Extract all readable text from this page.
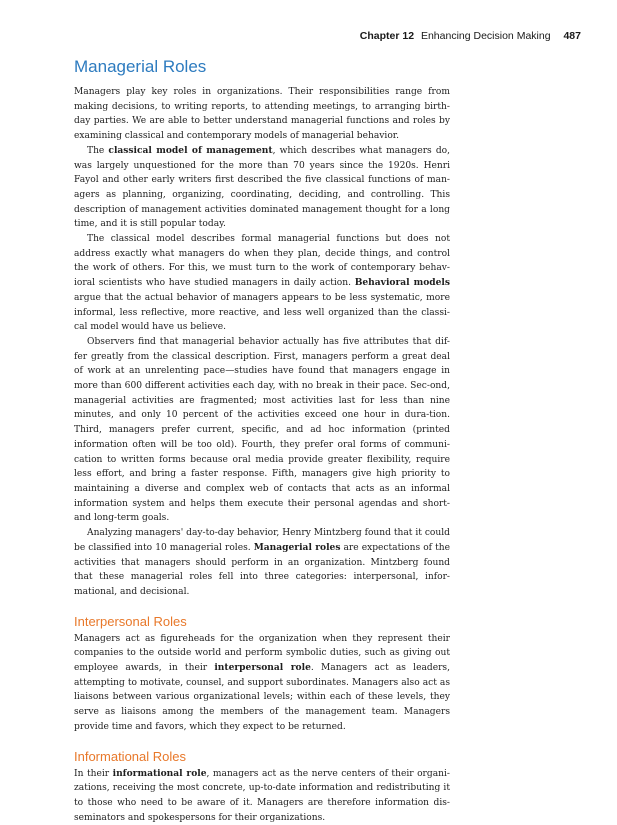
Chapter 12 Enhancing Decision Making 487
Managerial Roles

Managers play key roles in organizations. Their responsibilities range from making decisions, to writing reports, to attending meetings, to arranging birth-day parties. We are able to better understand managerial functions and roles by examining classical and contemporary models of managerial behavior.

The classical model of management, which describes what managers do, was largely unquestioned for the more than 70 years since the 1920s. Henri Fayol and other early writers first described the five classical functions of man-agers as planning, organizing, coordinating, deciding, and controlling. This description of management activities dominated management thought for a long time, and it is still popular today.

The classical model describes formal managerial functions but does not address exactly what managers do when they plan, decide things, and control the work of others. For this, we must turn to the work of contemporary behav-ioral scientists who have studied managers in daily action. Behavioral models argue that the actual behavior of managers appears to be less systematic, more informal, less reflective, more reactive, and less well organized than the classi-cal model would have us believe.

Observers find that managerial behavior actually has five attributes that dif-fer greatly from the classical description. First, managers perform a great deal of work at an unrelenting pace—studies have found that managers engage in more than 600 different activities each day, with no break in their pace. Sec-ond, managerial activities are fragmented; most activities last for less than nine minutes, and only 10 percent of the activities exceed one hour in dura-tion. Third, managers prefer current, specific, and ad hoc information (printed information often will be too old). Fourth, they prefer oral forms of communi-cation to written forms because oral media provide greater flexibility, require less effort, and bring a faster response. Fifth, managers give high priority to maintaining a diverse and complex web of contacts that acts as an informal information system and helps them execute their personal agendas and short-and long-term goals.

Analyzing managers' day-to-day behavior, Henry Mintzberg found that it could be classified into 10 managerial roles. Managerial roles are expectations of the activities that managers should perform in an organization. Mintzberg found that these managerial roles fell into three categories: interpersonal, infor-mational, and decisional.

Interpersonal Roles

Managers act as figureheads for the organization when they represent their companies to the outside world and perform symbolic duties, such as giving out employee awards, in their interpersonal role. Managers act as leaders, attempting to motivate, counsel, and support subordinates. Managers also act as liaisons between various organizational levels; within each of these levels, they serve as liaisons among the members of the management team. Managers provide time and favors, which they expect to be returned.

Informational Roles

In their informational role, managers act as the nerve centers of their organi-zations, receiving the most concrete, up-to-date information and redistributing it to those who need to be aware of it. Managers are therefore information dis-seminators and spokespersons for their organizations.
